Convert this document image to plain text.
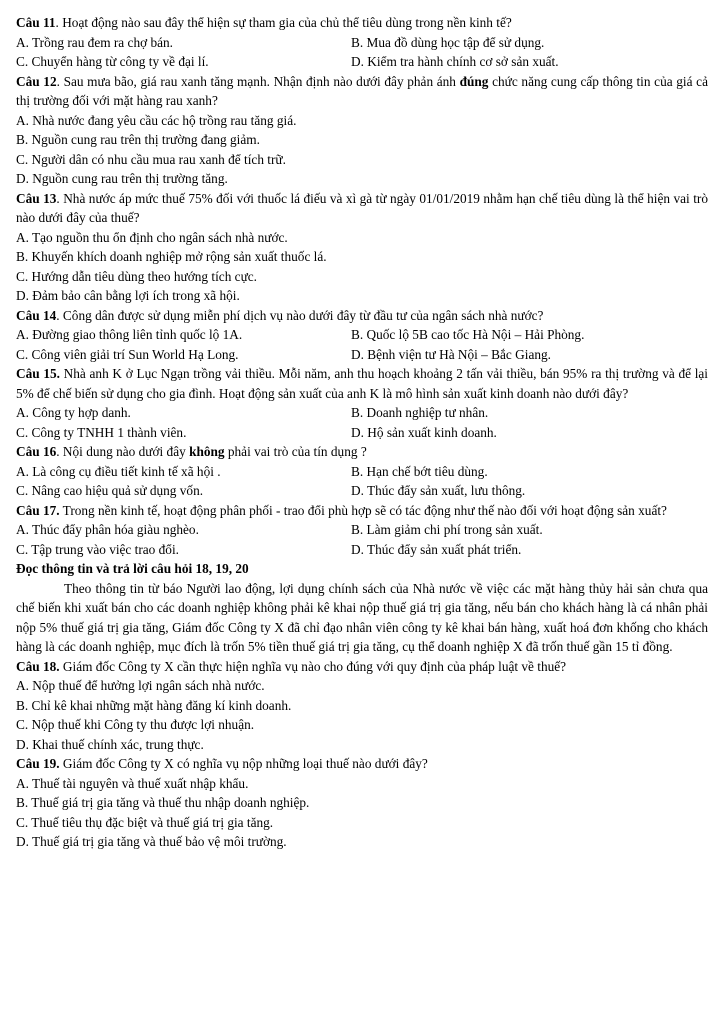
Câu 11. Hoạt động nào sau đây thể hiện sự tham gia của chủ thể tiêu dùng trong nền kinh tế?
A. Trồng rau đem ra chợ bán.	B. Mua đồ dùng học tập để sử dụng.
C. Chuyển hàng từ công ty về đại lí.	D. Kiểm tra hành chính cơ sở sản xuất.
Câu 12. Sau mưa bão, giá rau xanh tăng mạnh. Nhận định nào dưới đây phản ánh đúng chức năng cung cấp thông tin của giá cả thị trường đối với mặt hàng rau xanh?
A. Nhà nước đang yêu cầu các hộ trồng rau tăng giá.
B. Nguồn cung rau trên thị trường đang giảm.
C. Người dân có nhu cầu mua rau xanh để tích trữ.
D. Nguồn cung rau trên thị trường tăng.
Câu 13. Nhà nước áp mức thuế 75% đối với thuốc lá điếu và xì gà từ ngày 01/01/2019 nhằm hạn chế tiêu dùng là thể hiện vai trò nào dưới đây của thuế?
A. Tạo nguồn thu ổn định cho ngân sách nhà nước.
B. Khuyến khích doanh nghiệp mở rộng sản xuất thuốc lá.
C. Hướng dẫn tiêu dùng theo hướng tích cực.
D. Đảm bảo cân bằng lợi ích trong xã hội.
Câu 14. Công dân được sử dụng miễn phí dịch vụ nào dưới đây từ đầu tư của ngân sách nhà nước?
A. Đường giao thông liên tỉnh quốc lộ 1A.	B. Quốc lộ 5B cao tốc Hà Nội – Hải Phòng.
C. Công viên giải trí Sun World Hạ Long.	D. Bệnh viện tư Hà Nội – Bắc Giang.
Câu 15. Nhà anh K ở Lục Ngạn trồng vải thiều. Mỗi năm, anh thu hoạch khoảng 2 tấn vải thiều, bán 95% ra thị trường và để lại 5% để chế biến sử dụng cho gia đình. Hoạt động sản xuất của anh K là mô hình sản xuất kinh doanh nào dưới đây?
A. Công ty hợp danh.	B. Doanh nghiệp tư nhân.
C. Công ty TNHH 1 thành viên.	D. Hộ sản xuất kinh doanh.
Câu 16. Nội dung nào dưới đây không phải vai trò của tín dụng ?
A. Là công cụ điều tiết kinh tế xã hội .	B. Hạn chế bớt tiêu dùng.
C. Nâng cao hiệu quả sử dụng vốn.	D. Thúc đẩy sản xuất, lưu thông.
Câu 17. Trong nền kinh tế, hoạt động phân phối - trao đổi phù hợp sẽ có tác động như thế nào đối với hoạt động sản xuất?
A. Thúc đẩy phân hóa giàu nghèo.	B. Làm giảm chi phí trong sản xuất.
C. Tập trung vào việc trao đổi.	D. Thúc đẩy sản xuất phát triển.
Đọc thông tin và trả lời câu hỏi 18, 19, 20
Theo thông tin từ báo Người lao động, lợi dụng chính sách của Nhà nước về việc các mặt hàng thủy hải sản chưa qua chế biến khi xuất bán cho các doanh nghiệp không phải kê khai nộp thuế giá trị gia tăng, nếu bán cho khách hàng là cá nhân phải nộp 5% thuế giá trị gia tăng, Giám đốc Công ty X đã chỉ đạo nhân viên công ty kê khai bán hàng, xuất hoá đơn khống cho khách hàng là các doanh nghiệp, mục đích là trốn 5% tiền thuế giá trị gia tăng, cụ thể doanh nghiệp X đã trốn thuế gần 15 tỉ đồng.
Câu 18. Giám đốc Công ty X cần thực hiện nghĩa vụ nào cho đúng với quy định của pháp luật về thuế?
A. Nộp thuế để hưởng lợi ngân sách nhà nước.
B. Chỉ kê khai những mặt hàng đăng kí kinh doanh.
C. Nộp thuế khi Công ty thu được lợi nhuận.
D. Khai thuế chính xác, trung thực.
Câu 19. Giám đốc Công ty X có nghĩa vụ nộp những loại thuế nào dưới đây?
A. Thuế tài nguyên và thuế xuất nhập khẩu.
B. Thuế giá trị gia tăng và thuế thu nhập doanh nghiệp.
C. Thuế tiêu thụ đặc biệt và thuế giá trị gia tăng.
D. Thuế giá trị gia tăng và thuế bảo vệ môi trường.
